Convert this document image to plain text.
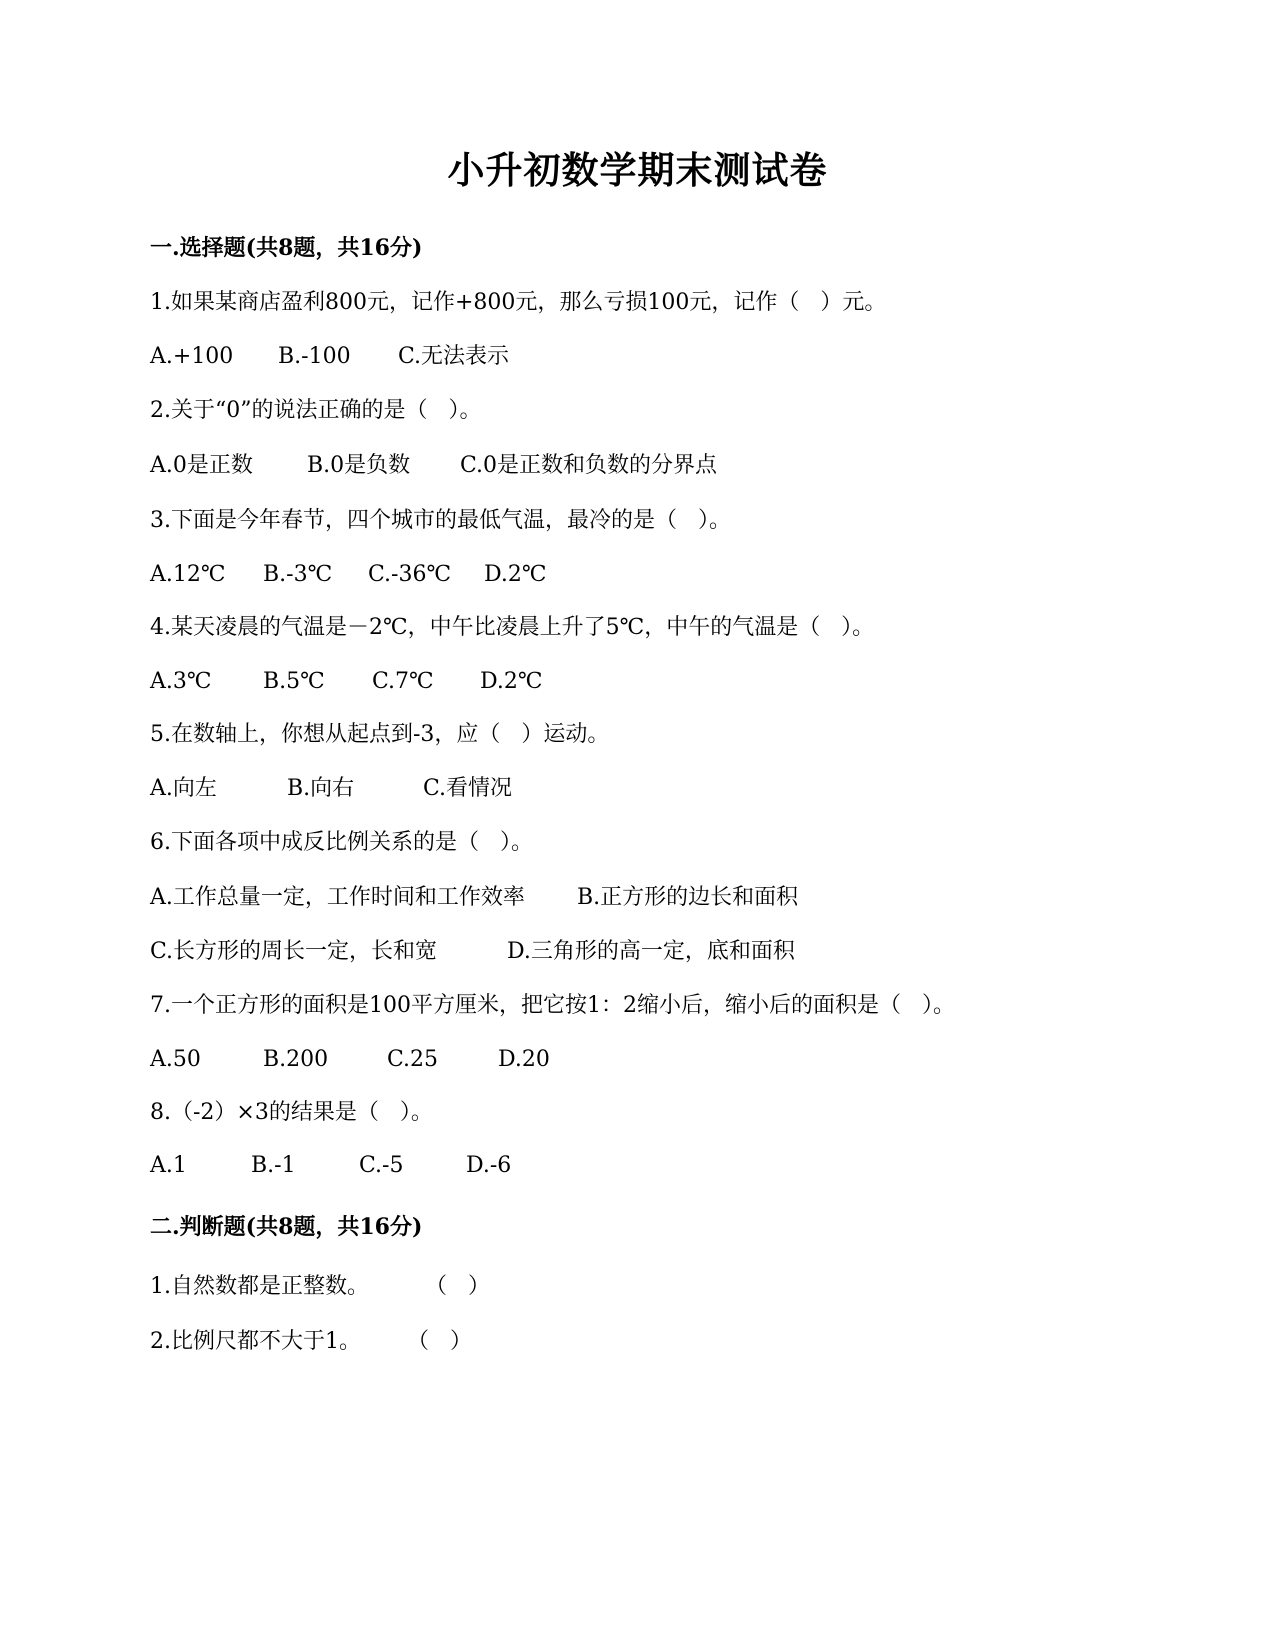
小升初数学期末测试卷
一.选择题(共8题，共16分)
1.如果某商店盈利800元，记作+800元，那么亏损100元，记作（   ）元。

A.+100

B.-100

C.无法表示

2.关于“0”的说法正确的是（   ）。

A.0是正数

B.0是负数

C.0是正数和负数的分界点

3.下面是今年春节，四个城市的最低气温，最冷的是（   ）。

A.12℃

B.-3℃

C.-36℃

D.2℃

4.某天凌晨的气温是－2℃，中午比凌晨上升了5℃，中午的气温是（   ）。

A.3℃

B.5℃

C.7℃

D.2℃

5.在数轴上，你想从起点到-3，应（   ）运动。

A.向左

	B.向右

	C.看情况

6.下面各项中成反比例关系的是（   ）。

A.工作总量一定，工作时间和工作效率

B.正方形的边长和面积

C.长方形的周长一定，长和宽

	D.三角形的高一定，底和面积

7.一个正方形的面积是100平方厘米，把它按1：2缩小后，缩小后的面积是（   ）。

A.50

	B.200

	C.25

	D.20

8.（-2）×3的结果是（   ）。

A.1

	B.-1

	C.-5

	D.-6

二.判断题(共8题，共16分)

1.自然数都是正整数。

	（   ）

2.比例尺都不大于1。

（   ）
